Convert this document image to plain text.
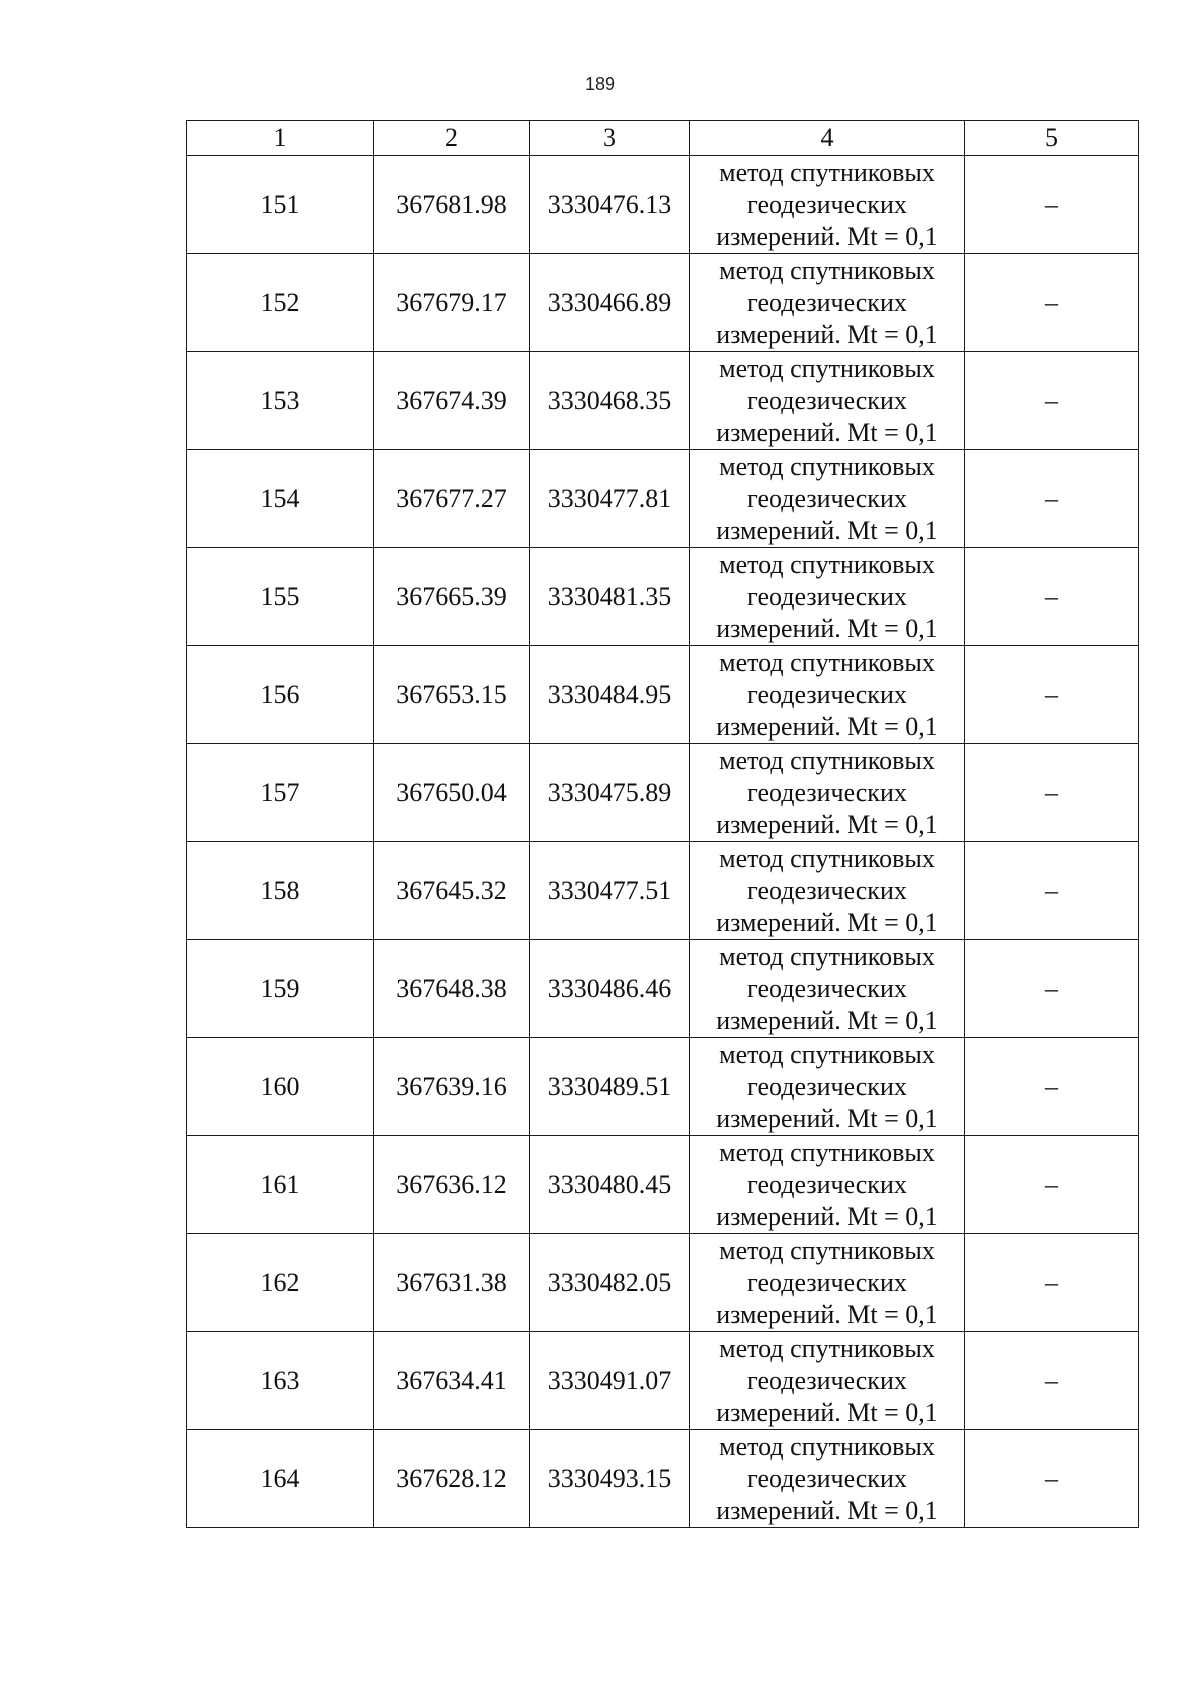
189
1	2	3	4	5
151	367681.98	3330476.13	метод спутниковых
геодезических
измерений. Mt = 0,1	–
152	367679.17	3330466.89	метод спутниковых
геодезических
измерений. Mt = 0,1	–
153	367674.39	3330468.35	метод спутниковых
геодезических
измерений. Mt = 0,1	–
154	367677.27	3330477.81	метод спутниковых
геодезических
измерений. Mt = 0,1	–
155	367665.39	3330481.35	метод спутниковых
геодезических
измерений. Mt = 0,1	–
156	367653.15	3330484.95	метод спутниковых
геодезических
измерений. Mt = 0,1	–
157	367650.04	3330475.89	метод спутниковых
геодезических
измерений. Mt = 0,1	–
158	367645.32	3330477.51	метод спутниковых
геодезических
измерений. Mt = 0,1	–
159	367648.38	3330486.46	метод спутниковых
геодезических
измерений. Mt = 0,1	–
160	367639.16	3330489.51	метод спутниковых
геодезических
измерений. Mt = 0,1	–
161	367636.12	3330480.45	метод спутниковых
геодезических
измерений. Mt = 0,1	–
162	367631.38	3330482.05	метод спутниковых
геодезических
измерений. Mt = 0,1	–
163	367634.41	3330491.07	метод спутниковых
геодезических
измерений. Mt = 0,1	–
164	367628.12	3330493.15	метод спутниковых
геодезических
измерений. Mt = 0,1	–
